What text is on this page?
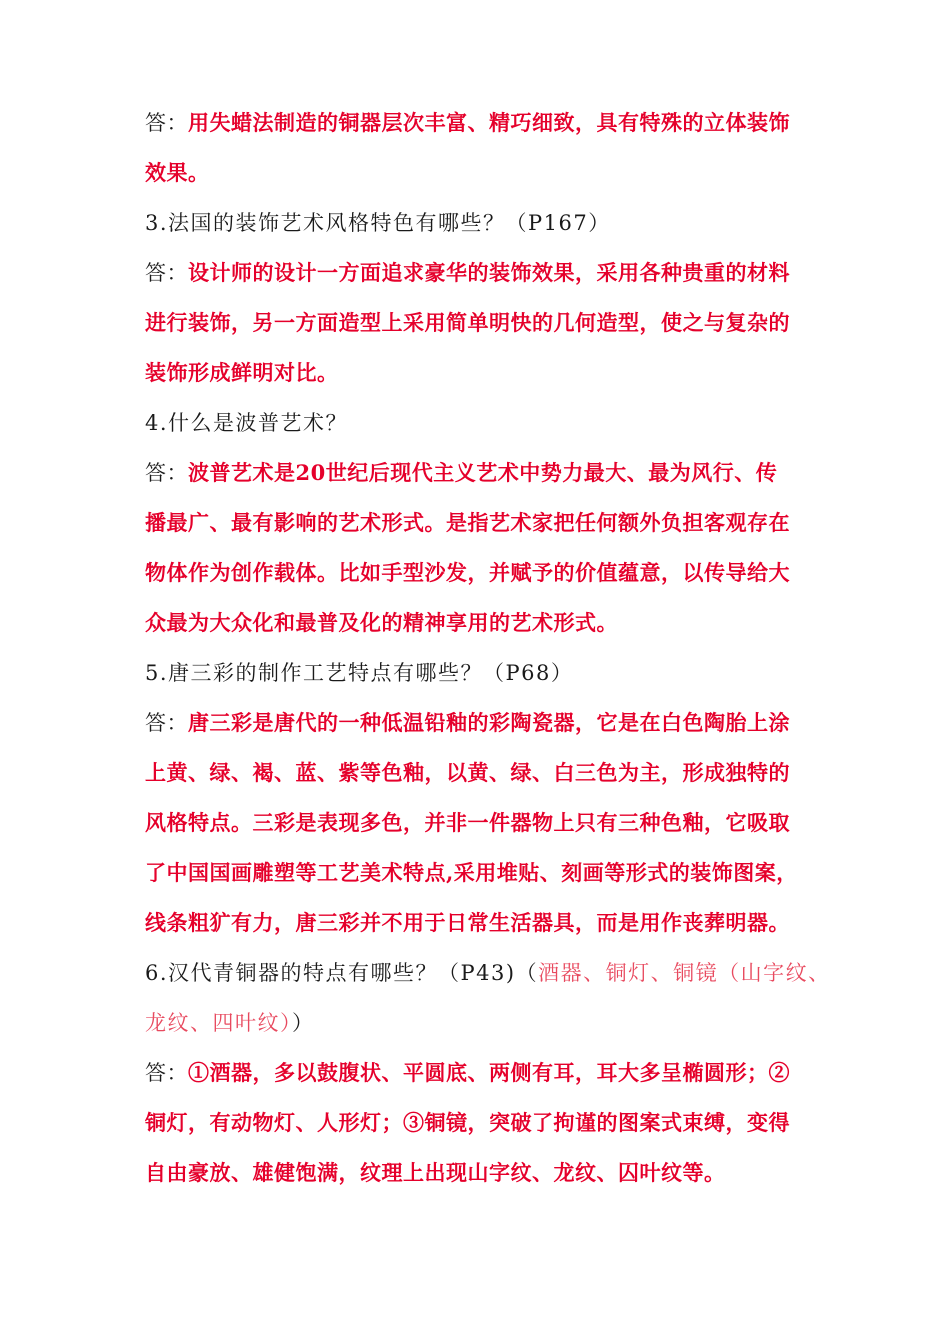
答：用失蜡法制造的铜器层次丰富、精巧细致，具有特殊的立体装饰
效果。
3.法国的装饰艺术风格特色有哪些？（P167）
答：设计师的设计一方面追求豪华的装饰效果，采用各种贵重的材料
进行装饰，另一方面造型上采用简单明快的几何造型，使之与复杂的
装饰形成鲜明对比。
4.什么是波普艺术？
答：波普艺术是20世纪后现代主义艺术中势力最大、最为风行、传
播最广、最有影响的艺术形式。是指艺术家把任何额外负担客观存在
物体作为创作载体。比如手型沙发，并赋予的价值蕴意，以传导给大
众最为大众化和最普及化的精神享用的艺术形式。
5.唐三彩的制作工艺特点有哪些？（P68）
答：唐三彩是唐代的一种低温铅釉的彩陶瓷器，它是在白色陶胎上涂
上黄、绿、褐、蓝、紫等色釉，以黄、绿、白三色为主，形成独特的
风格特点。三彩是表现多色，并非一件器物上只有三种色釉，它吸取
了中国国画雕塑等工艺美术特点,采用堆贴、刻画等形式的装饰图案，
线条粗犷有力，唐三彩并不用于日常生活器具，而是用作丧葬明器。
6.汉代青铜器的特点有哪些？（P43)（酒器、铜灯、铜镜（山字纹、
龙纹、四叶纹））
答：①酒器，多以鼓腹状、平圆底、两侧有耳，耳大多呈椭圆形；②
铜灯，有动物灯、人形灯；③铜镜，突破了拘谨的图案式束缚，变得
自由豪放、雄健饱满，纹理上出现山字纹、龙纹、囚叶纹等。
